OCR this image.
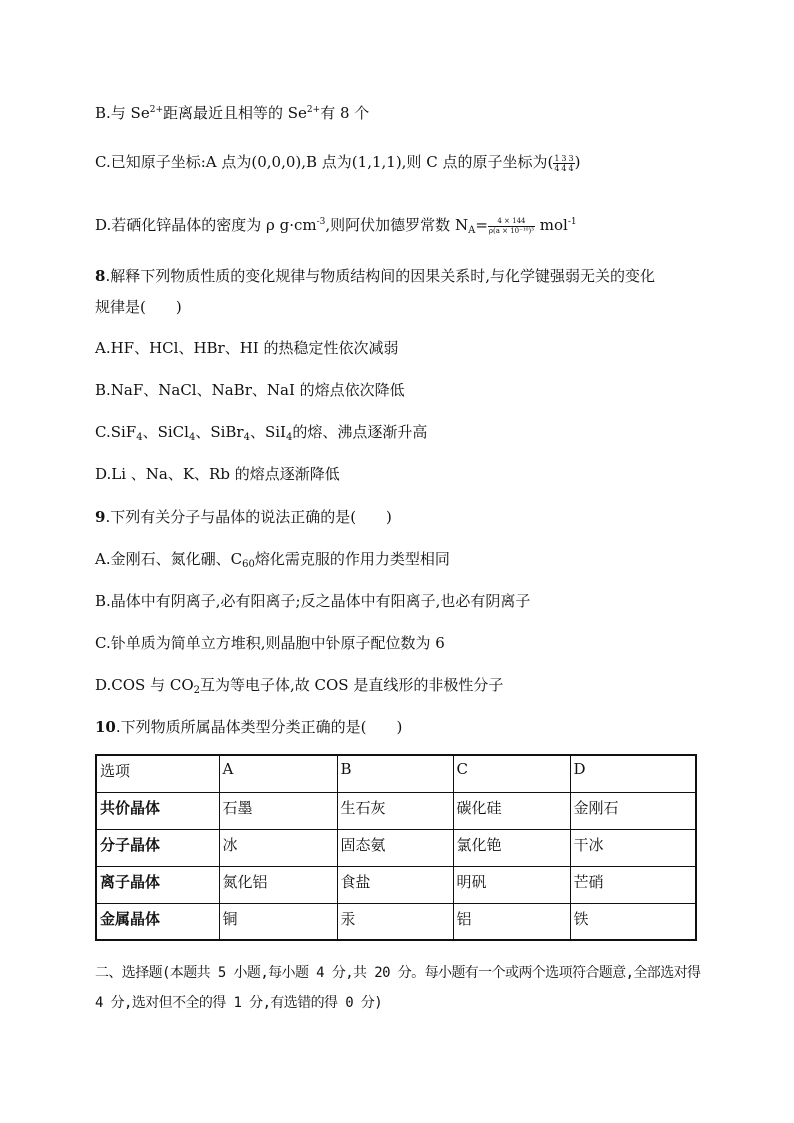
B.与 $Se^{2+}$距离最近且相等的 $Se^{2+}$有 8 个
C.已知原子坐标:A 点为(0,0,0),B 点为(1,1,1),则 C 点的原子坐标为( $\frac{1}{4} \frac{3}{4} \frac{3}{4}$ )
D.若硒化锌晶体的密度为 ρ $g\cdot cm^{-3}$,则阿伏加德罗常数 $N_A= \frac{4 \times 144}{\text{ρ(a × 10⁻¹⁰)³}} mol^{-1}$
8.解释下列物质性质的变化规律与物质结构间的因果关系时,与化学键强弱无关的变化
规律是(　　)
A.HF、HCl、HBr、HI 的热稳定性依次减弱
B.NaF、NaCl、NaBr、NaI 的熔点依次降低
C.SiF$_4$、SiCl$_4$、SiBr$_4$、SiI$_4$的熔、沸点逐渐升高
D.Li 、Na、K、Rb 的熔点逐渐降低
9.下列有关分子与晶体的说法正确的是(　　)
A.金刚石、氮化硼、$C_{60}$熔化需克服的作用力类型相同
B.晶体中有阴离子,必有阳离子;反之晶体中有阳离子,也必有阴离子
C.钋单质为简单立方堆积,则晶胞中钋原子配位数为 6
D.COS 与 $CO_2$互为等电子体,故 COS 是直线形的非极性分子
10.下列物质所属晶体类型分类正确的是(　　)
选项	A	B	C	D
共价晶体	石墨	生石灰	碳化硅	金刚石
分子晶体	冰	固态氨	氯化铯	干冰
离子晶体	氮化铝	食盐	明矾	芒硝
金属晶体	铜	汞	铝	铁
二、选择题(本题共 5 小题,每小题 4 分,共 20 分。每小题有一个或两个选项符合题意,全部选对得 4 分,选对但不全的得 1 分,有选错的得 0 分)
